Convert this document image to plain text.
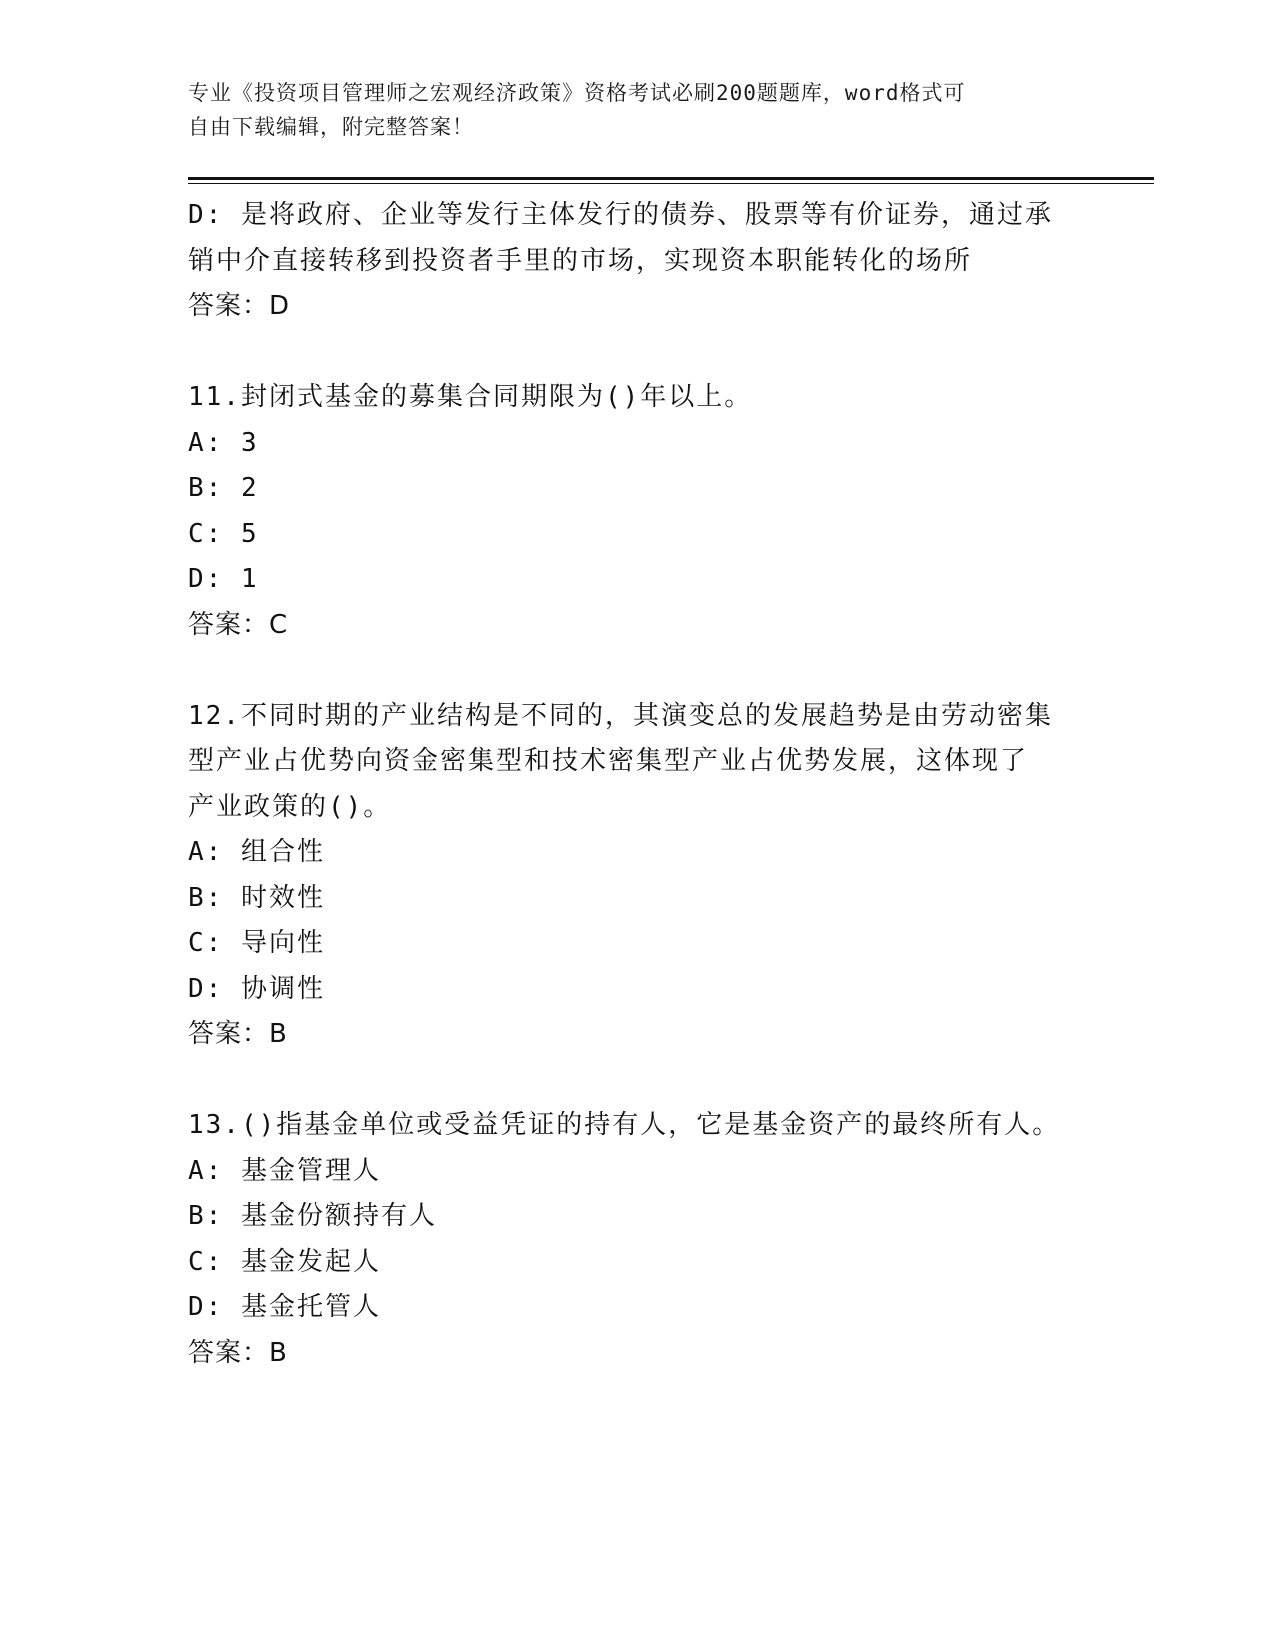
专业《投资项目管理师之宏观经济政策》资格考试必刷200题题库，word格式可
自由下载编辑，附完整答案！
D: 是将政府、企业等发行主体发行的债券、股票等有价证券，通过承
销中介直接转移到投资者手里的市场，实现资本职能转化的场所
答案：D
11.封闭式基金的募集合同期限为()年以上。
A: 3
B: 2
C: 5
D: 1
答案：C
12.不同时期的产业结构是不同的，其演变总的发展趋势是由劳动密集
型产业占优势向资金密集型和技术密集型产业占优势发展，这体现了
产业政策的()。
A: 组合性
B: 时效性
C: 导向性
D: 协调性
答案：B
13.()指基金单位或受益凭证的持有人，它是基金资产的最终所有人。
A: 基金管理人
B: 基金份额持有人
C: 基金发起人
D: 基金托管人
答案：B
